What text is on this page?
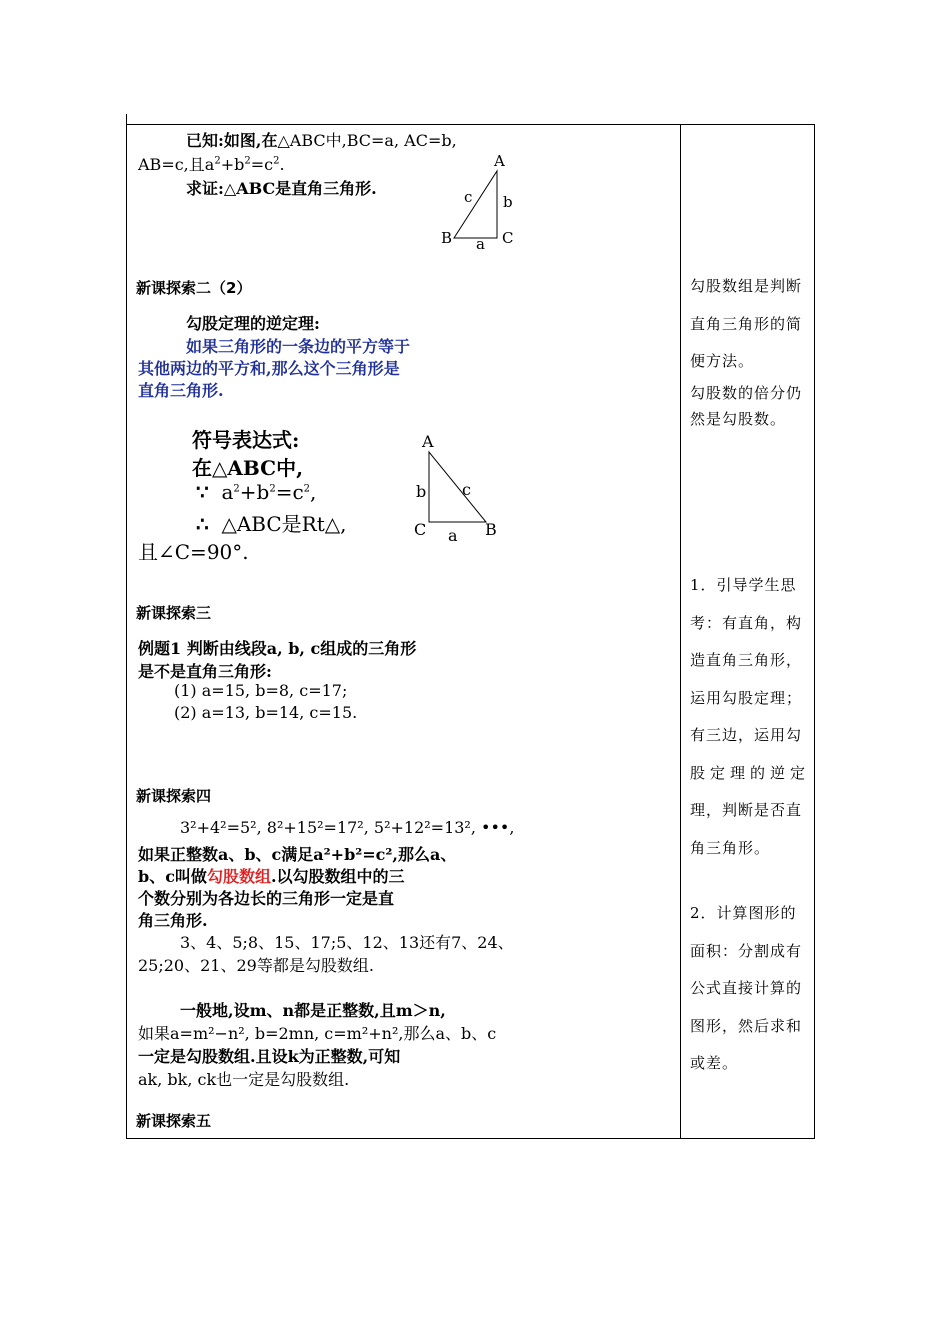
已知:如图,在△ABC中,BC=a, AC=b,
AB=c,且$a^2+b^2=c^2$.
求证:△ABC是直角三角形.
A
c b
B a C
新课探索二（2）
勾股定理的逆定理:
如果三角形的一条边的平方等于
其他两边的平方和,那么这个三角形是
直角三角形.
符号表达式:
在△ABC中,
∵ $a^2+b^2=c^2$,
∴ △ABC是Rt△,
且∠C=90°.
A
b c
C a B
新课探索三
例题1 判断由线段a, b, c组成的三角形
是不是直角三角形:
(1) a=15, b=8, c=17;
(2) a=13, b=14, c=15.
新课探索四
3²+4²=5², 8²+15²=17², 5²+12²=13², •••,
如果正整数a、b、c满足a²+b²=c²,那么a、
b、c叫做勾股数组.以勾股数组中的三
个数分别为各边长的三角形一定是直
角三角形.
3、4、5;8、15、17;5、12、13还有7、24、
25;20、21、29等都是勾股数组.
一般地,设m、n都是正整数,且m＞n,
如果a=m²−n², b=2mn, c=m²+n²,那么a、b、c
一定是勾股数组.且设k为正整数,可知
ak, bk, ck也一定是勾股数组.
新课探索五
勾股数组是判断
直角三角形的简
便方法。
勾股数的倍分仍
然是勾股数。
1．引导学生思
考：有直角，构
造直角三角形，
运用勾股定理；
有三边，运用勾
股定理的逆定
理，判断是否直
角三角形。
2．计算图形的
面积：分割成有
公式直接计算的
图形，然后求和
或差。
